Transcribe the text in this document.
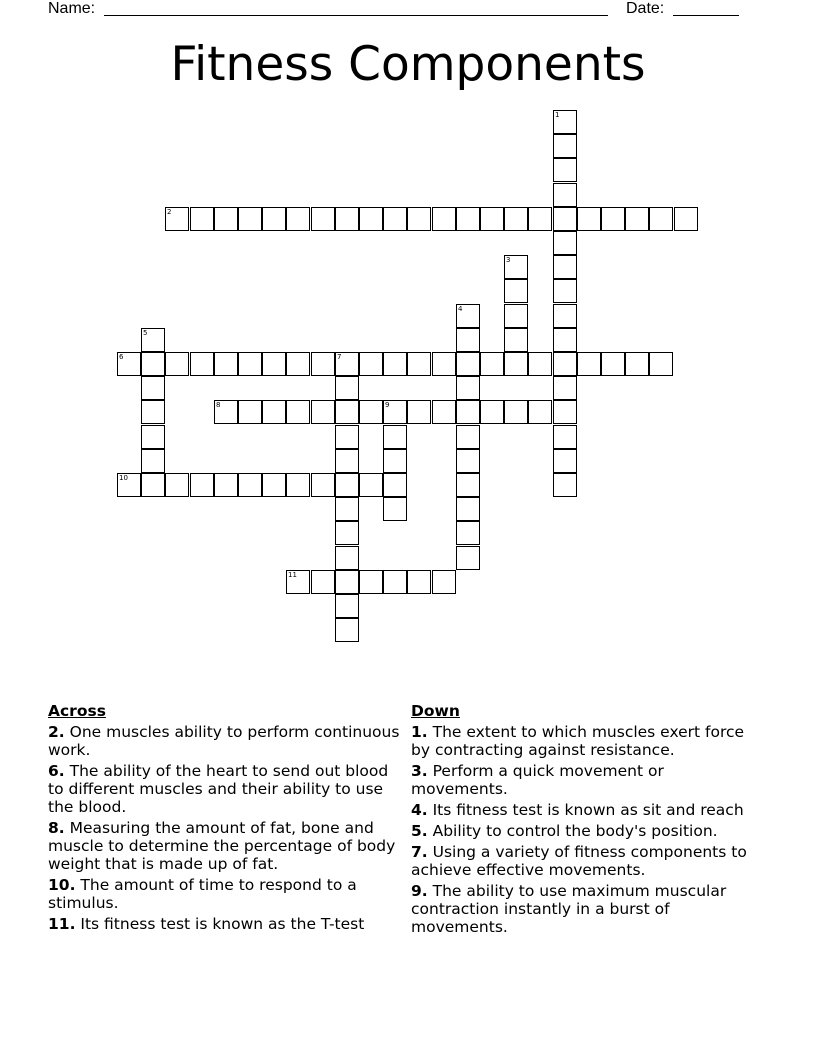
Name:	Date:
Fitness Components
1
2
3
4
5
6	7
8	9
10
11
Across
2. One muscles ability to perform continuous work.
6. The ability of the heart to send out blood to different muscles and their ability to use the blood.
8. Measuring the amount of fat, bone and muscle to determine the percentage of body weight that is made up of fat.
10. The amount of time to respond to a stimulus.
11. Its fitness test is known as the T-test
Down
1. The extent to which muscles exert force by contracting against resistance.
3. Perform a quick movement or movements.
4. Its fitness test is known as sit and reach
5. Ability to control the body's position.
7. Using a variety of fitness components to achieve effective movements.
9. The ability to use maximum muscular contraction instantly in a burst of movements.
